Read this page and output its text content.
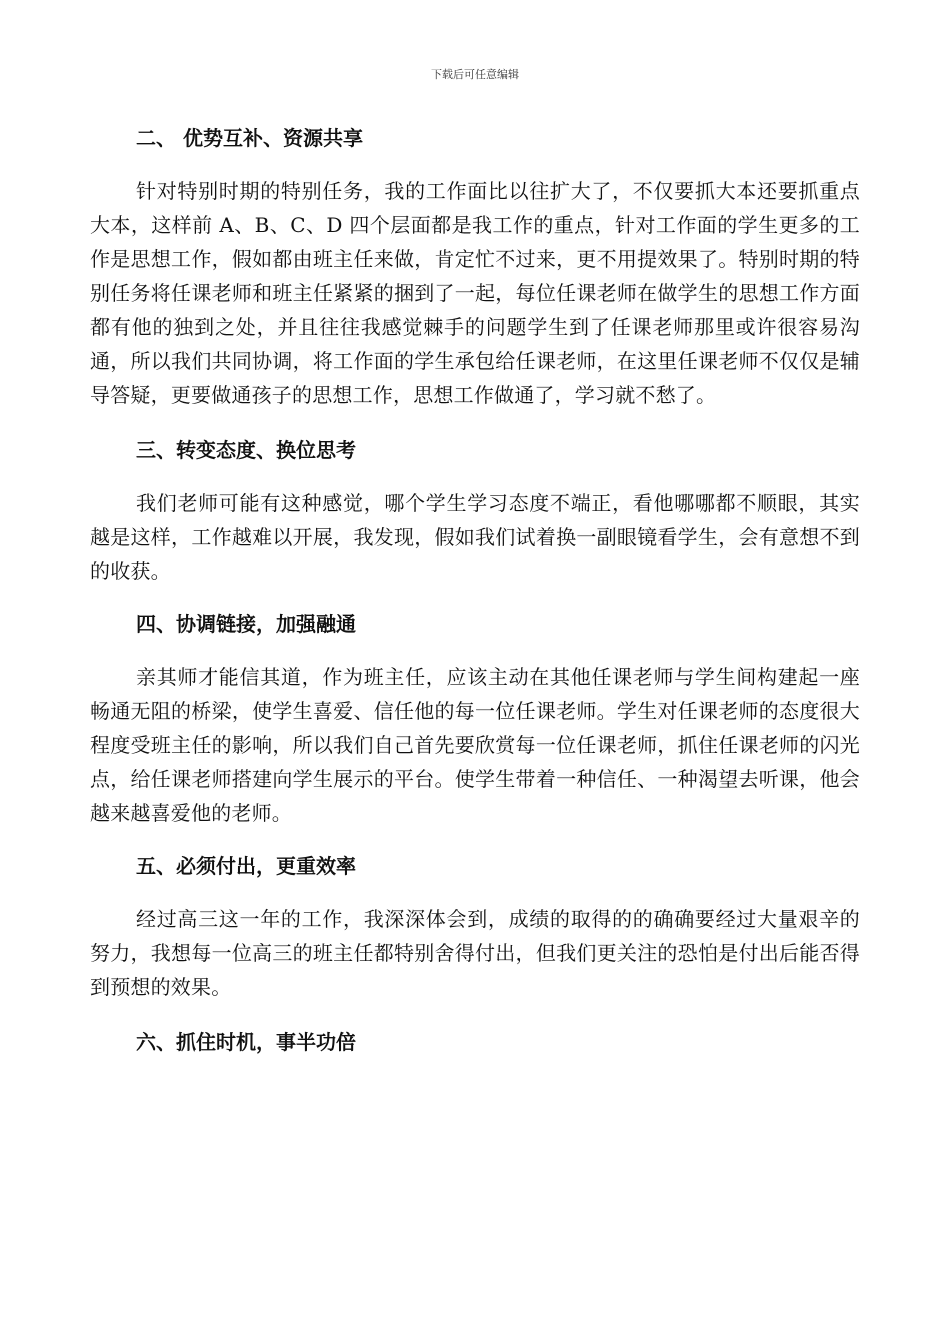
下载后可任意编辑

二、 优势互补、资源共享

针对特别时期的特别任务，我的工作面比以往扩大了，不仅要抓大本还要抓重点大本，这样前 A、B、C、D 四个层面都是我工作的重点，针对工作面的学生更多的工作是思想工作，假如都由班主任来做，肯定忙不过来，更不用提效果了。特别时期的特别任务将任课老师和班主任紧紧的捆到了一起，每位任课老师在做学生的思想工作方面都有他的独到之处，并且往往我感觉棘手的问题学生到了任课老师那里或许很容易沟通，所以我们共同协调，将工作面的学生承包给任课老师，在这里任课老师不仅仅是辅导答疑，更要做通孩子的思想工作，思想工作做通了，学习就不愁了。

三、转变态度、换位思考

我们老师可能有这种感觉，哪个学生学习态度不端正，看他哪哪都不顺眼，其实越是这样，工作越难以开展，我发现，假如我们试着换一副眼镜看学生，会有意想不到的收获。

四、协调链接，加强融通

亲其师才能信其道，作为班主任，应该主动在其他任课老师与学生间构建起一座畅通无阻的桥梁，使学生喜爱、信任他的每一位任课老师。学生对任课老师的态度很大程度受班主任的影响，所以我们自己首先要欣赏每一位任课老师，抓住任课老师的闪光点，给任课老师搭建向学生展示的平台。使学生带着一种信任、一种渴望去听课，他会越来越喜爱他的老师。

五、必须付出，更重效率

经过高三这一年的工作，我深深体会到，成绩的取得的的确确要经过大量艰辛的努力，我想每一位高三的班主任都特别舍得付出，但我们更关注的恐怕是付出后能否得到预想的效果。

六、抓住时机，事半功倍
